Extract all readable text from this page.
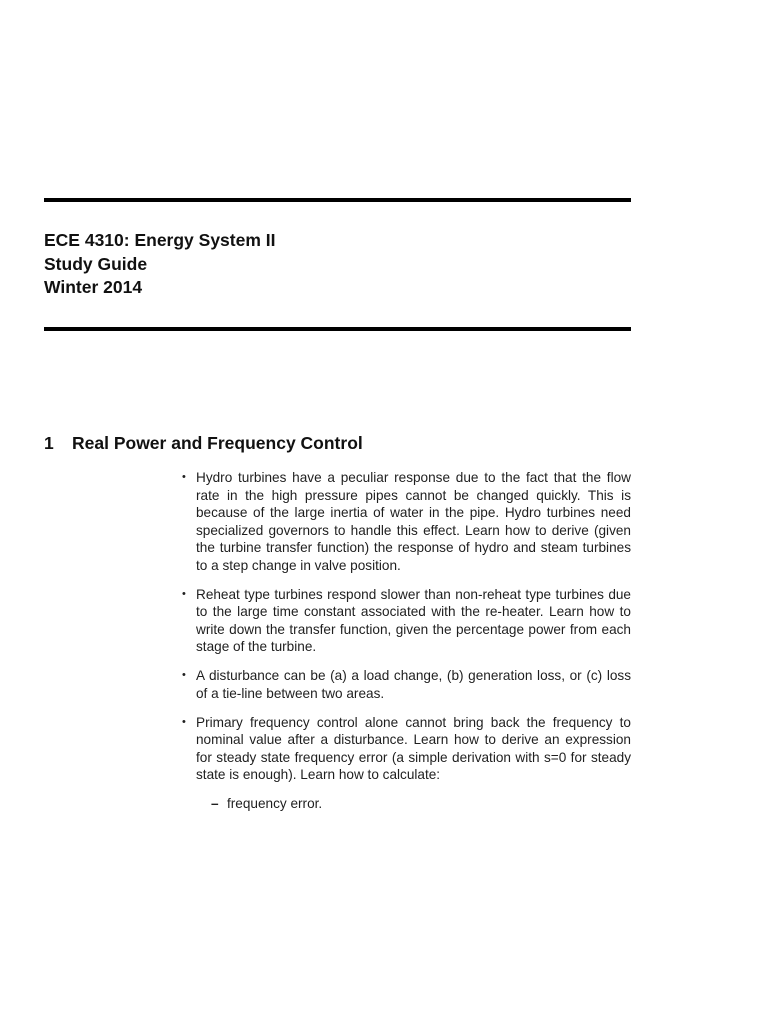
ECE 4310: Energy System II
Study Guide
Winter 2014
1 Real Power and Frequency Control
• Hydro turbines have a peculiar response due to the fact that the flow rate in the high pressure pipes cannot be changed quickly. This is because of the large inertia of water in the pipe. Hydro turbines need specialized governors to handle this effect. Learn how to derive (given the turbine transfer function) the response of hydro and steam turbines to a step change in valve position.
• Reheat type turbines respond slower than non-reheat type turbines due to the large time constant associated with the re-heater. Learn how to write down the transfer function, given the percentage power from each stage of the turbine.
• A disturbance can be (a) a load change, (b) generation loss, or (c) loss of a tie-line between two areas.
• Primary frequency control alone cannot bring back the frequency to nominal value after a disturbance. Learn how to derive an expression for steady state frequency error (a simple derivation with s=0 for steady state is enough). Learn how to calculate:
– frequency error.
